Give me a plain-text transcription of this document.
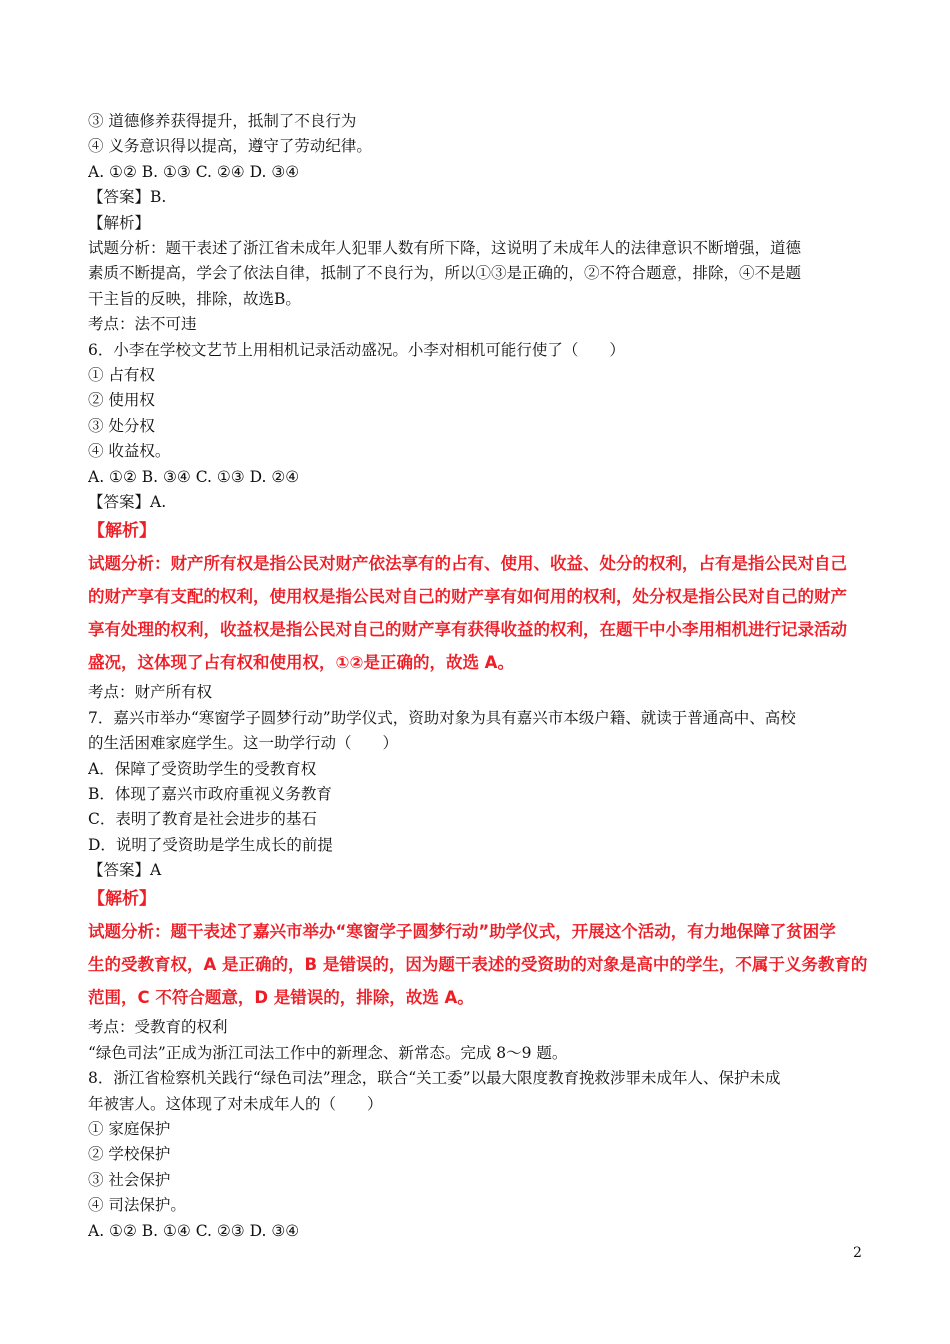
③ 道德修养获得提升，抵制了不良行为
④ 义务意识得以提高，遵守了劳动纪律。
A. ①② B. ①③ C. ②④ D. ③④
【答案】B.
【解析】
试题分析：题干表述了浙江省未成年人犯罪人数有所下降，这说明了未成年人的法律意识不断增强，道德
素质不断提高，学会了依法自律，抵制了不良行为，所以①③是正确的，②不符合题意，排除，④不是题
干主旨的反映，排除，故选B。
考点：法不可违
6．小李在学校文艺节上用相机记录活动盛况。小李对相机可能行使了（　　）
① 占有权
② 使用权
③ 处分权
④ 收益权。
A. ①② B. ③④ C. ①③ D. ②④
【答案】A.
【解析】
试题分析：财产所有权是指公民对财产依法享有的占有、使用、收益、处分的权利，占有是指公民对自己
的财产享有支配的权利，使用权是指公民对自己的财产享有如何用的权利，处分权是指公民对自己的财产
享有处理的权利，收益权是指公民对自己的财产享有获得收益的权利，在题干中小李用相机进行记录活动
盛况，这体现了占有权和使用权，①②是正确的，故选 A。
考点：财产所有权
7．嘉兴市举办“寒窗学子圆梦行动”助学仪式，资助对象为具有嘉兴市本级户籍、就读于普通高中、高校
的生活困难家庭学生。这一助学行动（　　）
A．保障了受资助学生的受教育权
B．体现了嘉兴市政府重视义务教育
C．表明了教育是社会进步的基石
D．说明了受资助是学生成长的前提
【答案】A
【解析】
试题分析：题干表述了嘉兴市举办“寒窗学子圆梦行动”助学仪式，开展这个活动，有力地保障了贫困学
生的受教育权，A 是正确的，B 是错误的，因为题干表述的受资助的对象是高中的学生，不属于义务教育的
范围，C 不符合题意，D 是错误的，排除，故选 A。
考点：受教育的权利
“绿色司法”正成为浙江司法工作中的新理念、新常态。完成 8～9 题。
8．浙江省检察机关践行“绿色司法”理念，联合“关工委”以最大限度教育挽救涉罪未成年人、保护未成
年被害人。这体现了对未成年人的（　　）
① 家庭保护
② 学校保护
③ 社会保护
④ 司法保护。
A. ①② B. ①④ C. ②③ D. ③④
2
